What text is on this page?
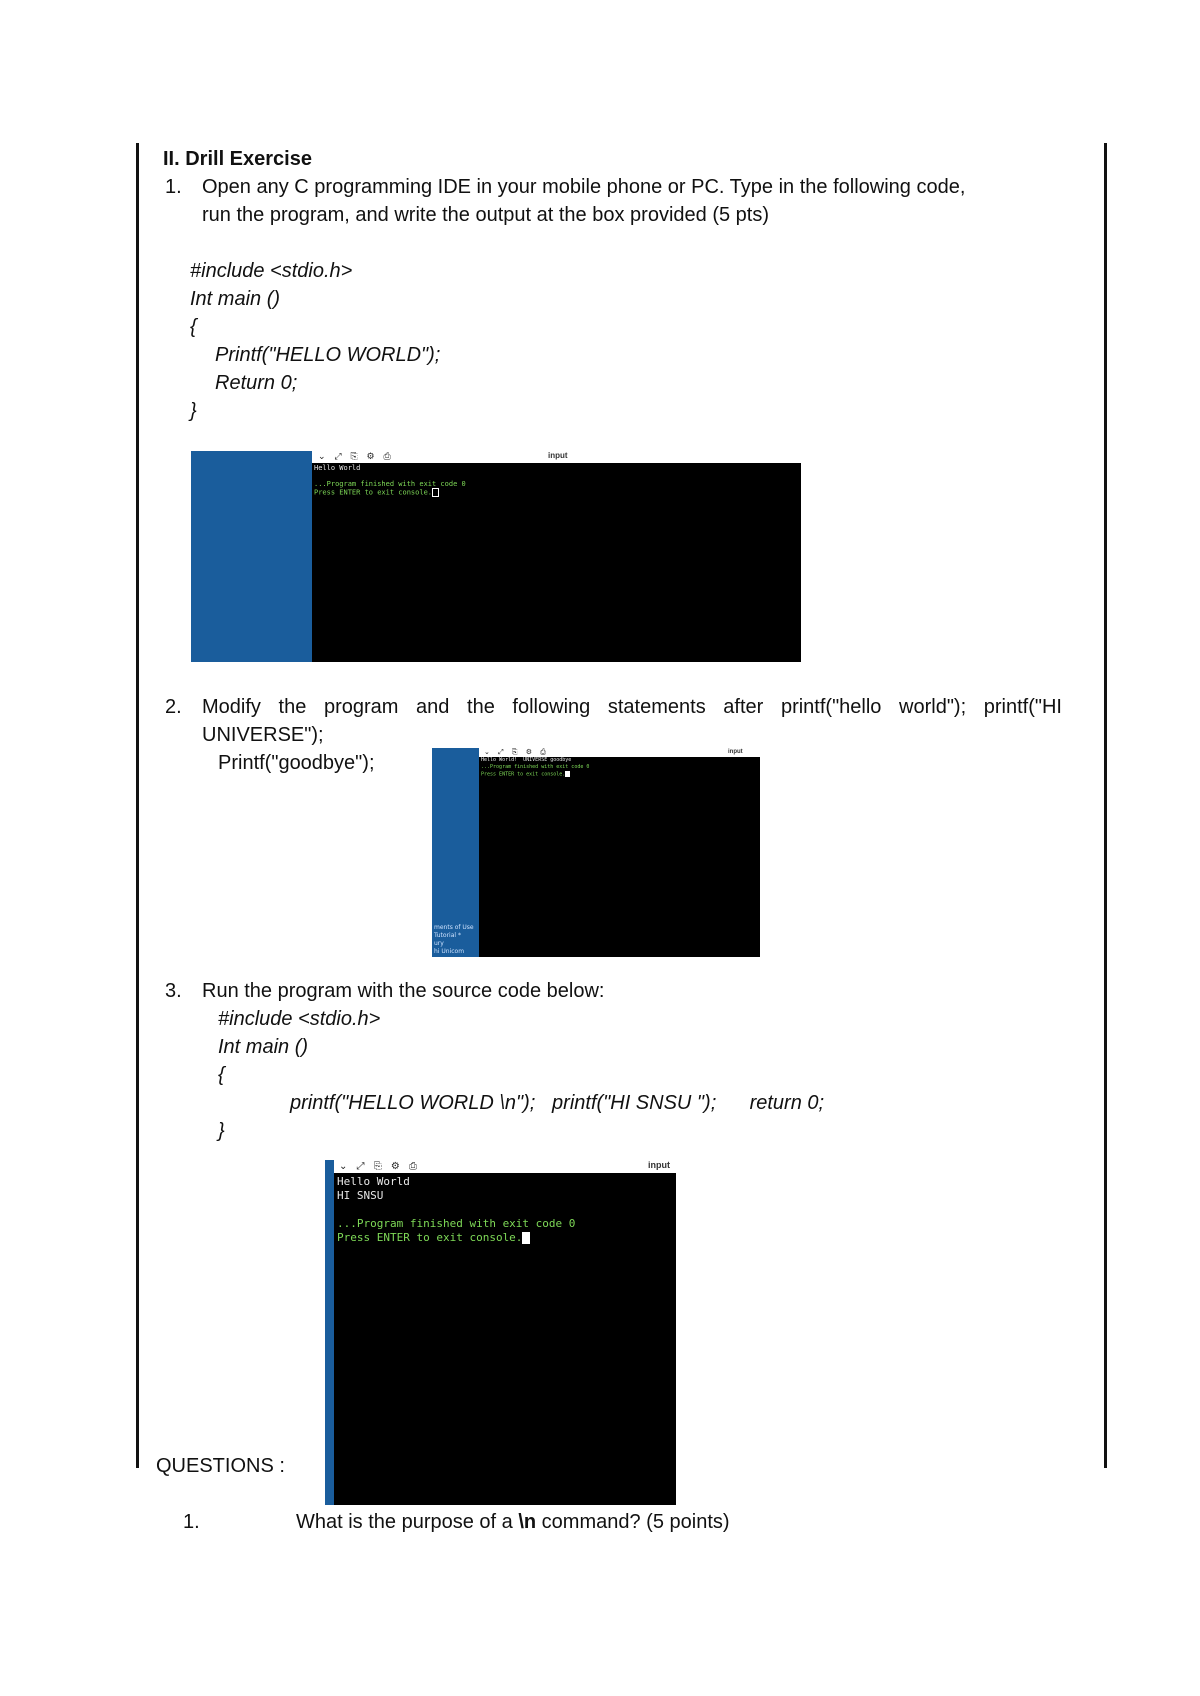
II. Drill Exercise
1. Open any C programming IDE in your mobile phone or PC. Type in the following code,
run the program, and write the output at the box provided (5 pts)
#include <stdio.h>
Int main ()
{
Printf("HELLO WORLD");
Return 0;
}
⌄ ⤢ ⎘ ⚙ ⎙	input
Hello World

...Program finished with exit code 0
Press ENTER to exit console.
2. Modify the program and the following statements after printf("hello world"); printf("HI
UNIVERSE");
Printf("goodbye");
ments of Use
Tutorial *
ury
hi Unicom
⌄ ⤢ ⎘ ⚙ ⎙	input
Hello World!  UNIVERSE goodbye
...Program finished with exit code 0
Press ENTER to exit console.
3. Run the program with the source code below:
#include <stdio.h>
Int main ()
{
printf("HELLO WORLD \n");   printf("HI SNSU ");      return 0;
}
⌄ ⤢ ⎘ ⚙ ⎙	input
Hello World
HI SNSU

...Program finished with exit code 0
Press ENTER to exit console.
QUESTIONS :
1.	What is the purpose of a \n command? (5 points)
